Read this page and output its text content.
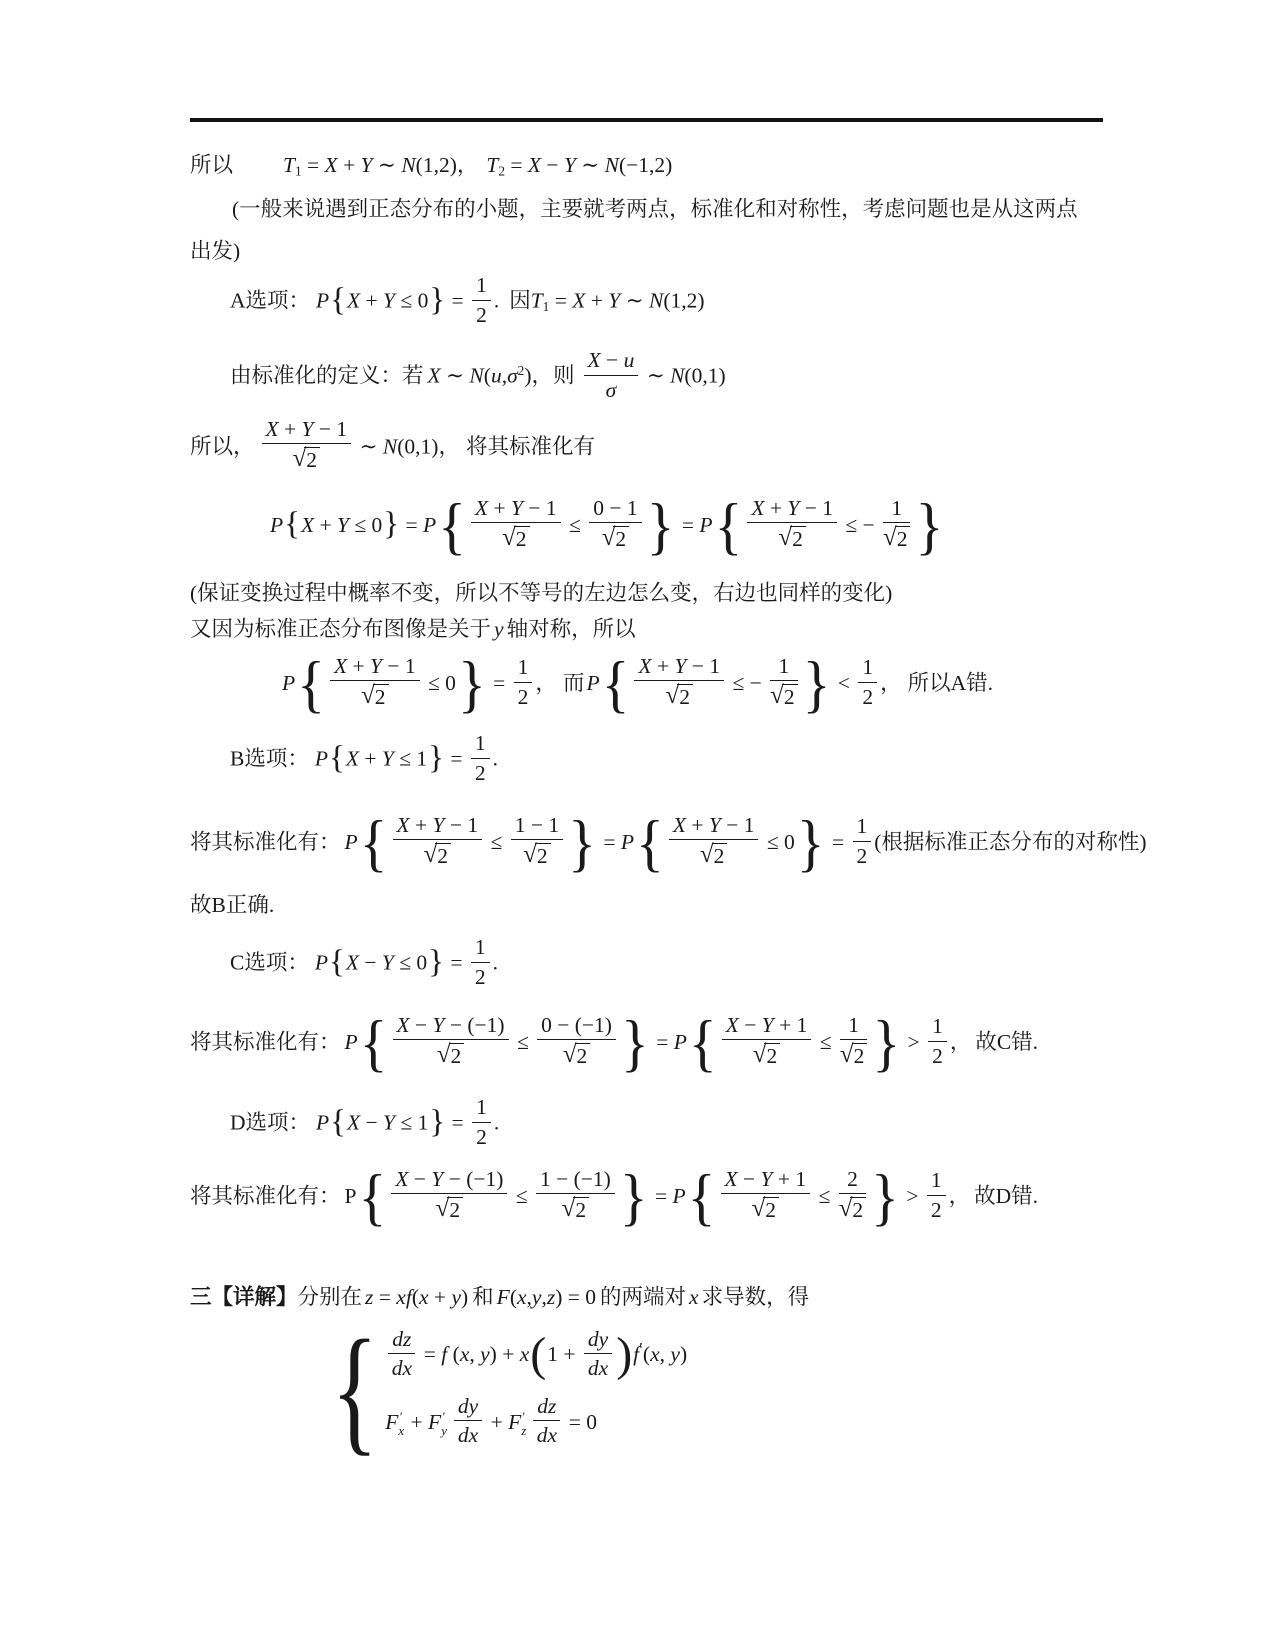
所以 $T_1 = X + Y$ ∼ N(1,2)， $T_2 = X - Y$ ∼ N(−1,2)
(一般来说遇到正态分布的小题，主要就考两点，标准化和对称性，考虑问题也是从这两点
出发)
A选项： $P\{X + Y \le 0\} = \frac{1}{2}$ . 因$T_1 = X + Y$ ∼ N(1,2)
由标准化的定义：若 X ∼ $N(u,\sigma^2)$，则 $\frac{X - u}{\sigma}$ ∼ N(0,1)
所以， $\frac{X + Y - 1}{√2}$ ∼ N(0,1)， 将其标准化有
$P\{X + Y \le 0\} = P\{ \frac{X + Y - 1}{√2} \le \frac{0 - 1}{√2}$ } = $P\{ \frac{X + Y - 1}{√2}$ ≤ − $\frac{1}{√2}$ }
(保证变换过程中概率不变，所以不等号的左边怎么变，右边也同样的变化)
又因为标准正态分布图像是关于 y 轴对称，所以
$P\{ \frac{X + Y - 1}{√2} \le 0\} = \frac{1}{2}$ ， 而$P\{ \frac{X + Y - 1}{√2}$ ≤ − $\frac{1}{√2}$ } < $\frac{1}{2}$ ， 所以A错.
B选项： $P\{X + Y \le 1\} = \frac{1}{2}$ .
将其标准化有： $P\{ \frac{X + Y - 1}{√2} \le \frac{1 - 1}{√2}$ } = $P\{ \frac{X + Y - 1}{√2} \le 0\} = \frac{1}{2}$ (根据标准正态分布的对称性)
故B正确.
C选项： $P\{X - Y \le 0\} = \frac{1}{2}$ .
将其标准化有： $P\{ \frac{X - Y - (-1)}{√2} \le \frac{0 - (-1)}{√2}$ } = $P\{ \frac{X - Y + 1}{√2} \le \frac{1}{√2}$ } > $\frac{1}{2}$ ， 故C错.
D选项： $P\{X - Y \le 1\} = \frac{1}{2}$ .
将其标准化有： $P\{ \frac{X - Y - (-1)}{√2} \le \frac{1 - (-1)}{√2}$ } = $P\{ \frac{X - Y + 1}{√2} \le \frac{2}{√2}$ } > $\frac{1}{2}$ ， 故D错.
三【详解】分别在 z = xf(x + y) 和 F(x,y,z) = 0 的两端对 x 求导数，得
{ $\frac{dz}{dx} = f$ (x, $y) + x(1 + \frac{dy}{dx} )f'(x$, y)
F ′
x + F ′
y $\frac{dy}{dx} + F$ ′
z $\frac{dz}{dx} = 0$
